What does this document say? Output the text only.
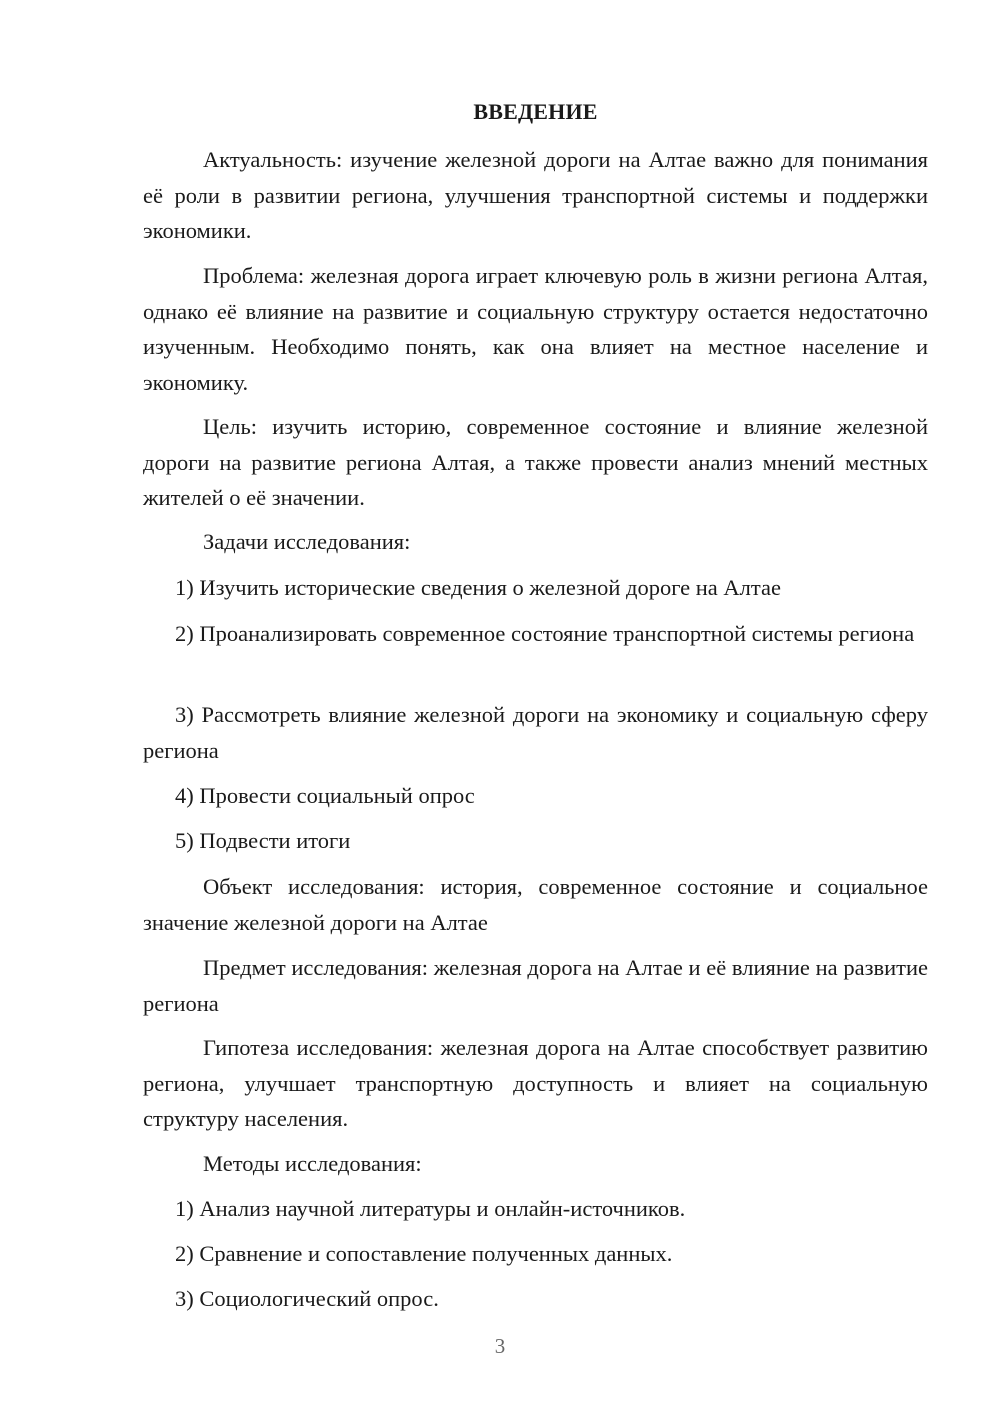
ВВЕДЕНИЕ

Актуальность: изучение железной дороги на Алтае важно для понимания её роли в развитии региона, улучшения транспортной системы и поддержки экономики.

Проблема: железная дорога играет ключевую роль в жизни региона Алтая, однако её влияние на развитие и социальную структуру остается недостаточно изученным. Необходимо понять, как она влияет на местное население и экономику.

Цель: изучить историю, современное состояние и влияние железной дороги на развитие региона Алтая, а также провести анализ мнений местных жителей о её значении.

Задачи исследования:

1) Изучить исторические сведения о железной дороге на Алтае

2) Проанализировать современное состояние транспортной системы региона

3) Рассмотреть влияние железной дороги на экономику и социальную сферу региона

4) Провести социальный опрос

5) Подвести итоги

Объект исследования: история, современное состояние и социальное значение железной дороги на Алтае

Предмет исследования: железная дорога на Алтае и её влияние на развитие региона

Гипотеза исследования: железная дорога на Алтае способствует развитию региона, улучшает транспортную доступность и влияет на социальную структуру населения.

Методы исследования:

1) Анализ научной литературы и онлайн-источников.

2) Сравнение и сопоставление полученных данных.

3) Социологический опрос.

3
